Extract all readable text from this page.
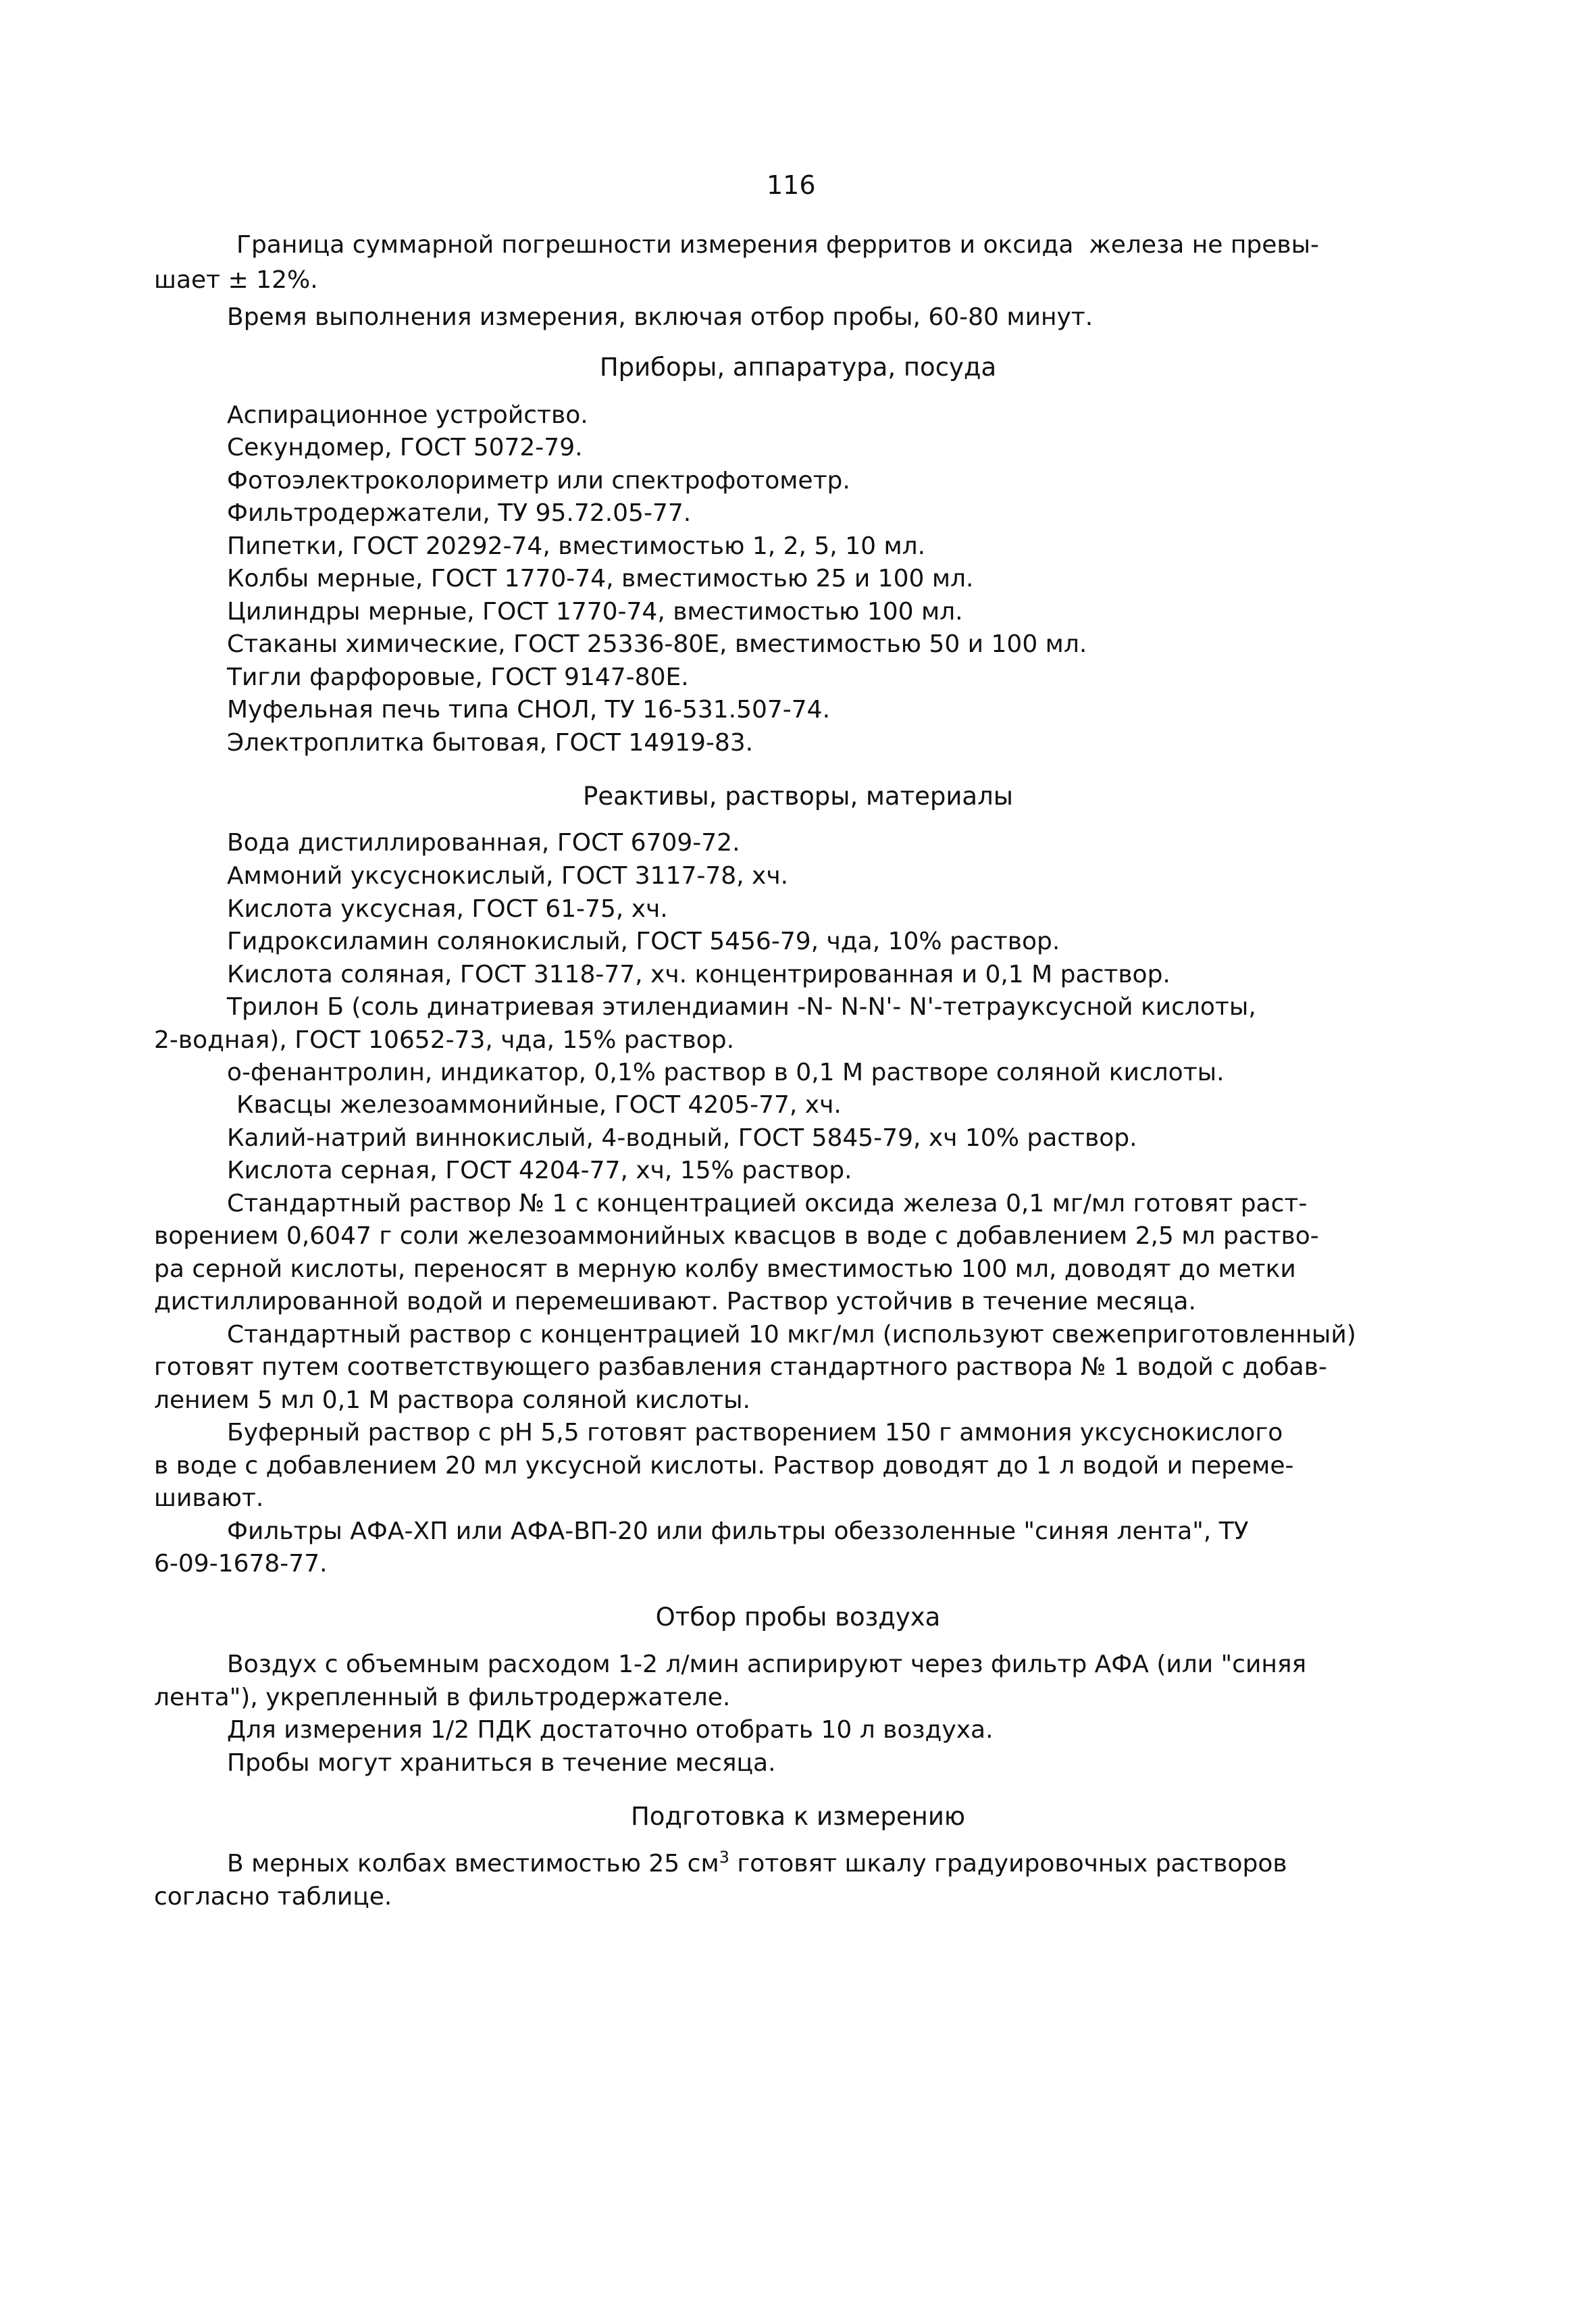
116
Граница суммарной погрешности измерения ферритов и оксида  железа не превы-
шает ± 12%.
Время выполнения измерения, включая отбор пробы, 60-80 минут.
Приборы, аппаратура, посуда
Аспирационное устройство.
Секундомер, ГОСТ 5072-79.
Фотоэлектроколориметр или спектрофотометр.
Фильтродержатели, ТУ 95.72.05-77.
Пипетки, ГОСТ 20292-74, вместимостью 1, 2, 5, 10 мл.
Колбы мерные, ГОСТ 1770-74, вместимостью 25 и 100 мл.
Цилиндры мерные, ГОСТ 1770-74, вместимостью 100 мл.
Стаканы химические, ГОСТ 25336-80Е, вместимостью 50 и 100 мл.
Тигли фарфоровые, ГОСТ 9147-80Е.
Муфельная печь типа СНОЛ, ТУ 16-531.507-74.
Электроплитка бытовая, ГОСТ 14919-83.
Реактивы, растворы, материалы
Вода дистиллированная, ГОСТ 6709-72.
Аммоний уксуснокислый, ГОСТ 3117-78, хч.
Кислота уксусная, ГОСТ 61-75, хч.
Гидроксиламин солянокислый, ГОСТ 5456-79, чда, 10% раствор.
Кислота соляная, ГОСТ 3118-77, хч. концентрированная и 0,1 М раствор.
Трилон Б (соль динатриевая этилендиамин -N- N-N'- N'-тетрауксусной кислоты,
2-водная), ГОСТ 10652-73, чда, 15% раствор.
о-фенантролин, индикатор, 0,1% раствор в 0,1 М растворе соляной кислоты.
Квасцы железоаммонийные, ГОСТ 4205-77, хч.
Калий-натрий виннокислый, 4-водный, ГОСТ 5845-79, хч 10% раствор.
Кислота серная, ГОСТ 4204-77, хч, 15% раствор.
Стандартный раствор № 1 с концентрацией оксида железа 0,1 мг/мл готовят раст-
ворением 0,6047 г соли железоаммонийных квасцов в воде с добавлением 2,5 мл раство-
ра серной кислоты, переносят в мерную колбу вместимостью 100 мл, доводят до метки
дистиллированной водой и перемешивают. Раствор устойчив в течение месяца.
Стандартный раствор с концентрацией 10 мкг/мл (используют свежеприготовленный)
готовят путем соответствующего разбавления стандартного раствора № 1 водой с добав-
лением 5 мл 0,1 М раствора соляной кислоты.
Буферный раствор с pH 5,5 готовят растворением 150 г аммония уксуснокислого
в воде с добавлением 20 мл уксусной кислоты. Раствор доводят до 1 л водой и переме-
шивают.
Фильтры АФА-ХП или АФА-ВП-20 или фильтры обеззоленные "синяя лента", ТУ
6-09-1678-77.
Отбор пробы воздуха
Воздух с объемным расходом 1-2 л/мин аспирируют через фильтр АФА (или "синяя
лента"), укрепленный в фильтродержателе.
Для измерения 1/2 ПДК достаточно отобрать 10 л воздуха.
Пробы могут храниться в течение месяца.
Подготовка к измерению
В мерных колбах вместимостью 25 $см^3$ готовят шкалу градуировочных растворов
согласно таблице.
